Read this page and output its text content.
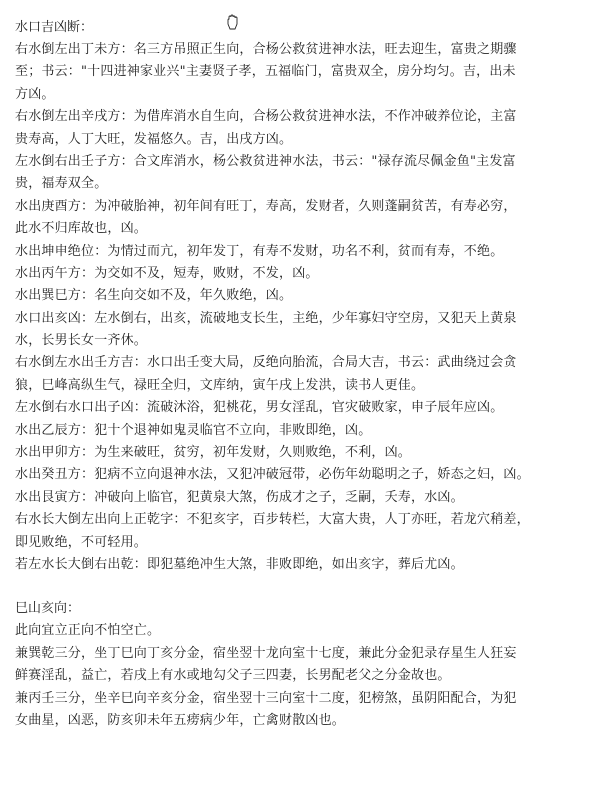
水口吉凶断：
右水倒左出丁未方：名三方吊照正生向，合杨公救贫进神水法，旺去迎生，富贵之期骤
至；书云："十四进神家业兴"主妻贤子孝，五福临门，富贵双全，房分均匀。吉，出未
方凶。
右水倒左出辛戌方：为借库消水自生向，合杨公救贫进神水法，不作冲破养位论，主富
贵寿高，人丁大旺，发福悠久。吉，出戌方凶。
左水倒右出壬子方：合文库消水，杨公救贫进神水法，书云："禄存流尽佩金鱼"主发富
贵，福寿双全。
水出庚酉方：为冲破胎神，初年间有旺丁，寿高，发财者，久则蓬嗣贫苦，有寿必穷，
此水不归库故也，凶。
水出坤申绝位：为情过而亢，初年发丁，有寿不发财，功名不利，贫而有寿，不绝。
水出丙午方：为交如不及，短寿，败财，不发，凶。
水出巽巳方：名生向交如不及，年久败绝，凶。
水口出亥凶：左水倒右，出亥，流破地支长生，主绝，少年寡妇守空房，又犯天上黄泉
水，长男长女一齐休。
右水倒左水出壬方吉：水口出壬变大局，反绝向胎流，合局大吉，书云：武曲绕过会贪
狼，巳峰高纵生气，禄旺全归，文库纳，寅午戌上发洪，读书人更佳。
左水倒右水口出子凶：流破沐浴，犯桃花，男女淫乱，官灾破败家，申子辰年应凶。
水出乙辰方：犯十个退神如鬼灵临官不立向，非败即绝，凶。
水出甲卯方：为生来破旺，贫穷，初年发财，久则败绝，不利，凶。
水出癸丑方：犯病不立向退神水法，又犯冲破冠带，必伤年幼聪明之子，娇态之妇，凶。
水出艮寅方：冲破向上临官，犯黄泉大煞，伤成才之子，乏嗣，夭寿，水凶。
右水长大倒左出向上正乾字：不犯亥字，百步转栏，大富大贵，人丁亦旺，若龙穴稍差，
即见败绝，不可轻用。
若左水长大倒右出乾：即犯墓绝冲生大煞，非败即绝，如出亥字，葬后尤凶。
巳山亥向：
此向宜立正向不怕空亡。
兼巽乾三分，坐丁巳向丁亥分金，宿坐翌十龙向室十七度，兼此分金犯录存星生人狂妄
鲜赛淫乱，益亡，若戌上有水或地勾父子三四妻，长男配老父之分金故也。
兼丙壬三分，坐辛巳向辛亥分金，宿坐翌十三向室十二度，犯榜煞，虽阴阳配合，为犯
女曲星，凶恶，防亥卯未年五痨病少年，亡禽财散凶也。
